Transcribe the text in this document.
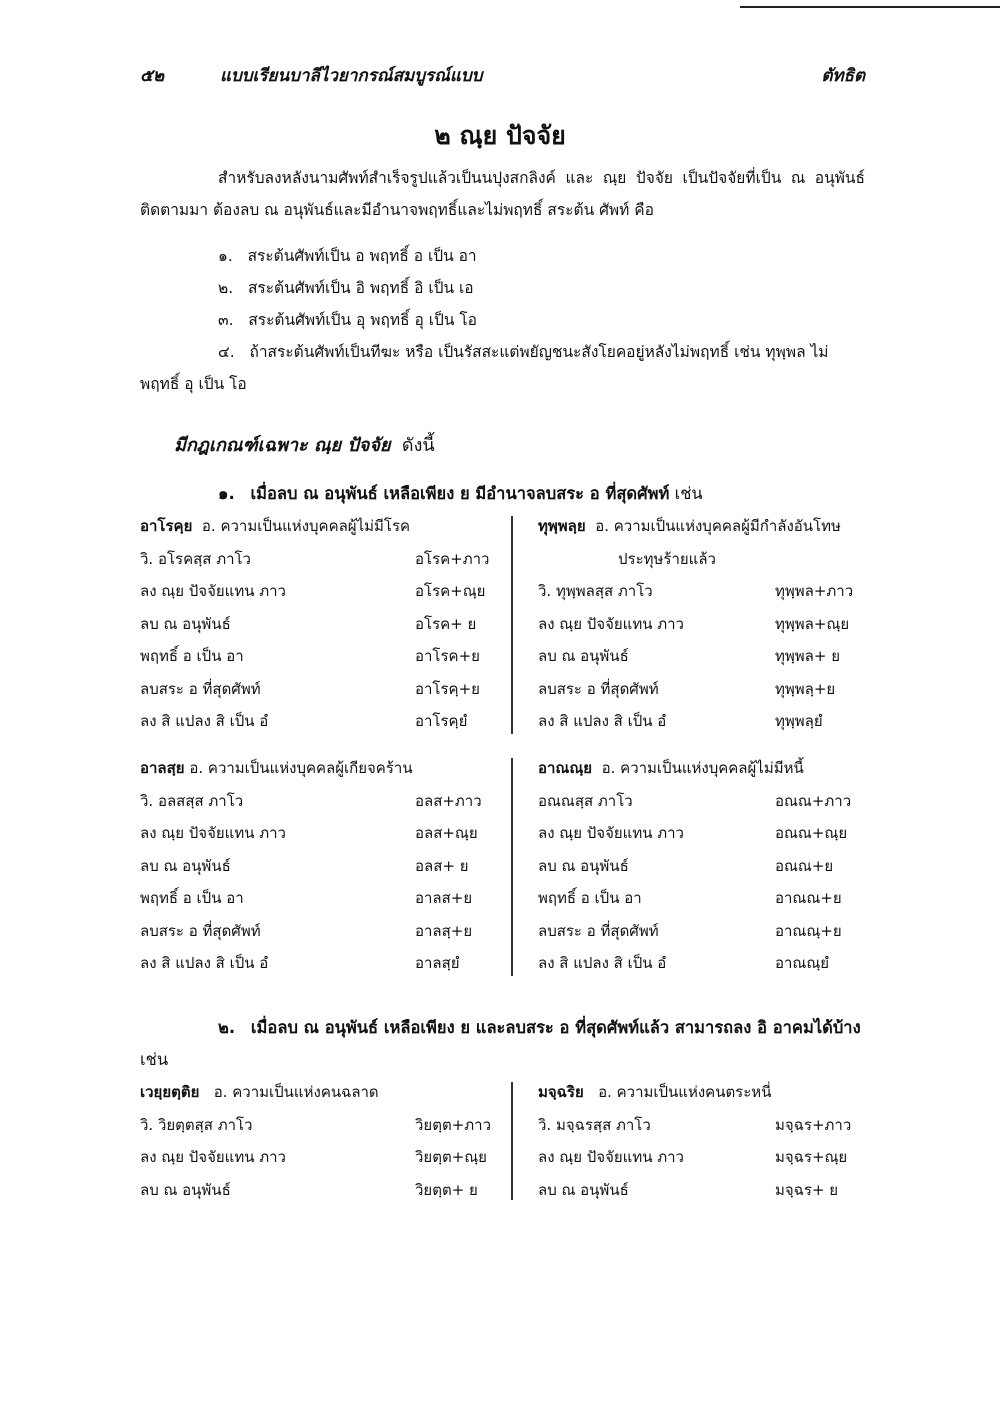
๕๒	แบบเรียนบาลีไวยากรณ์สมบูรณ์แบบ	ตัทธิต
๒ ณฺย ปัจจัย
สำหรับลงหลังนามศัพท์สำเร็จรูปแล้วเป็นนปุงสกลิงค์ และ ณฺย ปัจจัย เป็นปัจจัยที่เป็น ณ อนุพันธ์ ติดตามมา ต้องลบ ณ อนุพันธ์และมีอำนาจพฤทธิ์และไม่พฤทธิ์ สระต้น ศัพท์ คือ
๑. สระต้นศัพท์เป็น อ พฤทธิ์ อ เป็น อา
๒. สระต้นศัพท์เป็น อิ พฤทธิ์ อิ เป็น เอ
๓. สระต้นศัพท์เป็น อุ พฤทธิ์ อุ เป็น โอ
๔. ถ้าสระต้นศัพท์เป็นทีฆะ หรือ เป็นรัสสะแต่พยัญชนะสังโยคอยู่หลังไม่พฤทธิ์ เช่น ทุพฺพล ไม่พฤทธิ์ อุ เป็น โอ
มีกฎเกณฑ์เฉพาะ ณฺย ปัจจัย ดังนี้
๑. เมื่อลบ ณ อนุพันธ์ เหลือเพียง ย มีอำนาจลบสระ อ ที่สุดศัพท์ เช่น
อาโรคฺย อ. ความเป็นแห่งบุคคลผู้ไม่มีโรค
วิ. อโรคสฺส ภาโว	อโรค+ภาว
ลง ณฺย ปัจจัยแทน ภาว	อโรค+ณฺย
ลบ ณ อนุพันธ์	อโรค+ ย
พฤทธิ์ อ เป็น อา	อาโรค+ย
ลบสระ อ ที่สุดศัพท์	อาโรคฺ+ย
ลง สิ แปลง สิ เป็น อํ	อาโรคฺยํ
ทุพฺพลฺย อ. ความเป็นแห่งบุคคลผู้มีกำลังอันโทษ
ประทุษร้ายแล้ว
วิ. ทุพฺพลสฺส ภาโว	ทุพฺพล+ภาว
ลง ณฺย ปัจจัยแทน ภาว	ทุพฺพล+ณฺย
ลบ ณ อนุพันธ์	ทุพฺพล+ ย
ลบสระ อ ที่สุดศัพท์	ทุพฺพลฺ+ย
ลง สิ แปลง สิ เป็น อํ	ทุพฺพลฺยํ
อาลสฺย อ. ความเป็นแห่งบุคคลผู้เกียจคร้าน
วิ. อลสสฺส ภาโว	อลส+ภาว
ลง ณฺย ปัจจัยแทน ภาว	อลส+ณฺย
ลบ ณ อนุพันธ์	อลส+ ย
พฤทธิ์ อ เป็น อา	อาลส+ย
ลบสระ อ ที่สุดศัพท์	อาลสฺ+ย
ลง สิ แปลง สิ เป็น อํ	อาลสฺยํ
อาณณฺย อ. ความเป็นแห่งบุคคลผู้ไม่มีหนี้
อณณสฺส ภาโว	อณณ+ภาว
ลง ณฺย ปัจจัยแทน ภาว	อณณ+ณฺย
ลบ ณ อนุพันธ์	อณณ+ย
พฤทธิ์ อ เป็น อา	อาณณ+ย
ลบสระ อ ที่สุดศัพท์	อาณณฺ+ย
ลง สิ แปลง สิ เป็น อํ	อาณณฺยํ
๒. เมื่อลบ ณ อนุพันธ์ เหลือเพียง ย และลบสระ อ ที่สุดศัพท์แล้ว สามารถลง อิ อาคมได้บ้าง เช่น
เวยฺยตฺติย อ. ความเป็นแห่งคนฉลาด
วิ. วิยตฺตสฺส ภาโว	วิยตฺต+ภาว
ลง ณฺย ปัจจัยแทน ภาว	วิยตฺต+ณฺย
ลบ ณ อนุพันธ์	วิยตฺต+ ย
มจฺฉริย อ. ความเป็นแห่งคนตระหนี่
วิ. มจฺฉรสฺส ภาโว	มจฺฉร+ภาว
ลง ณฺย ปัจจัยแทน ภาว	มจฺฉร+ณฺย
ลบ ณ อนุพันธ์	มจฺฉร+ ย
